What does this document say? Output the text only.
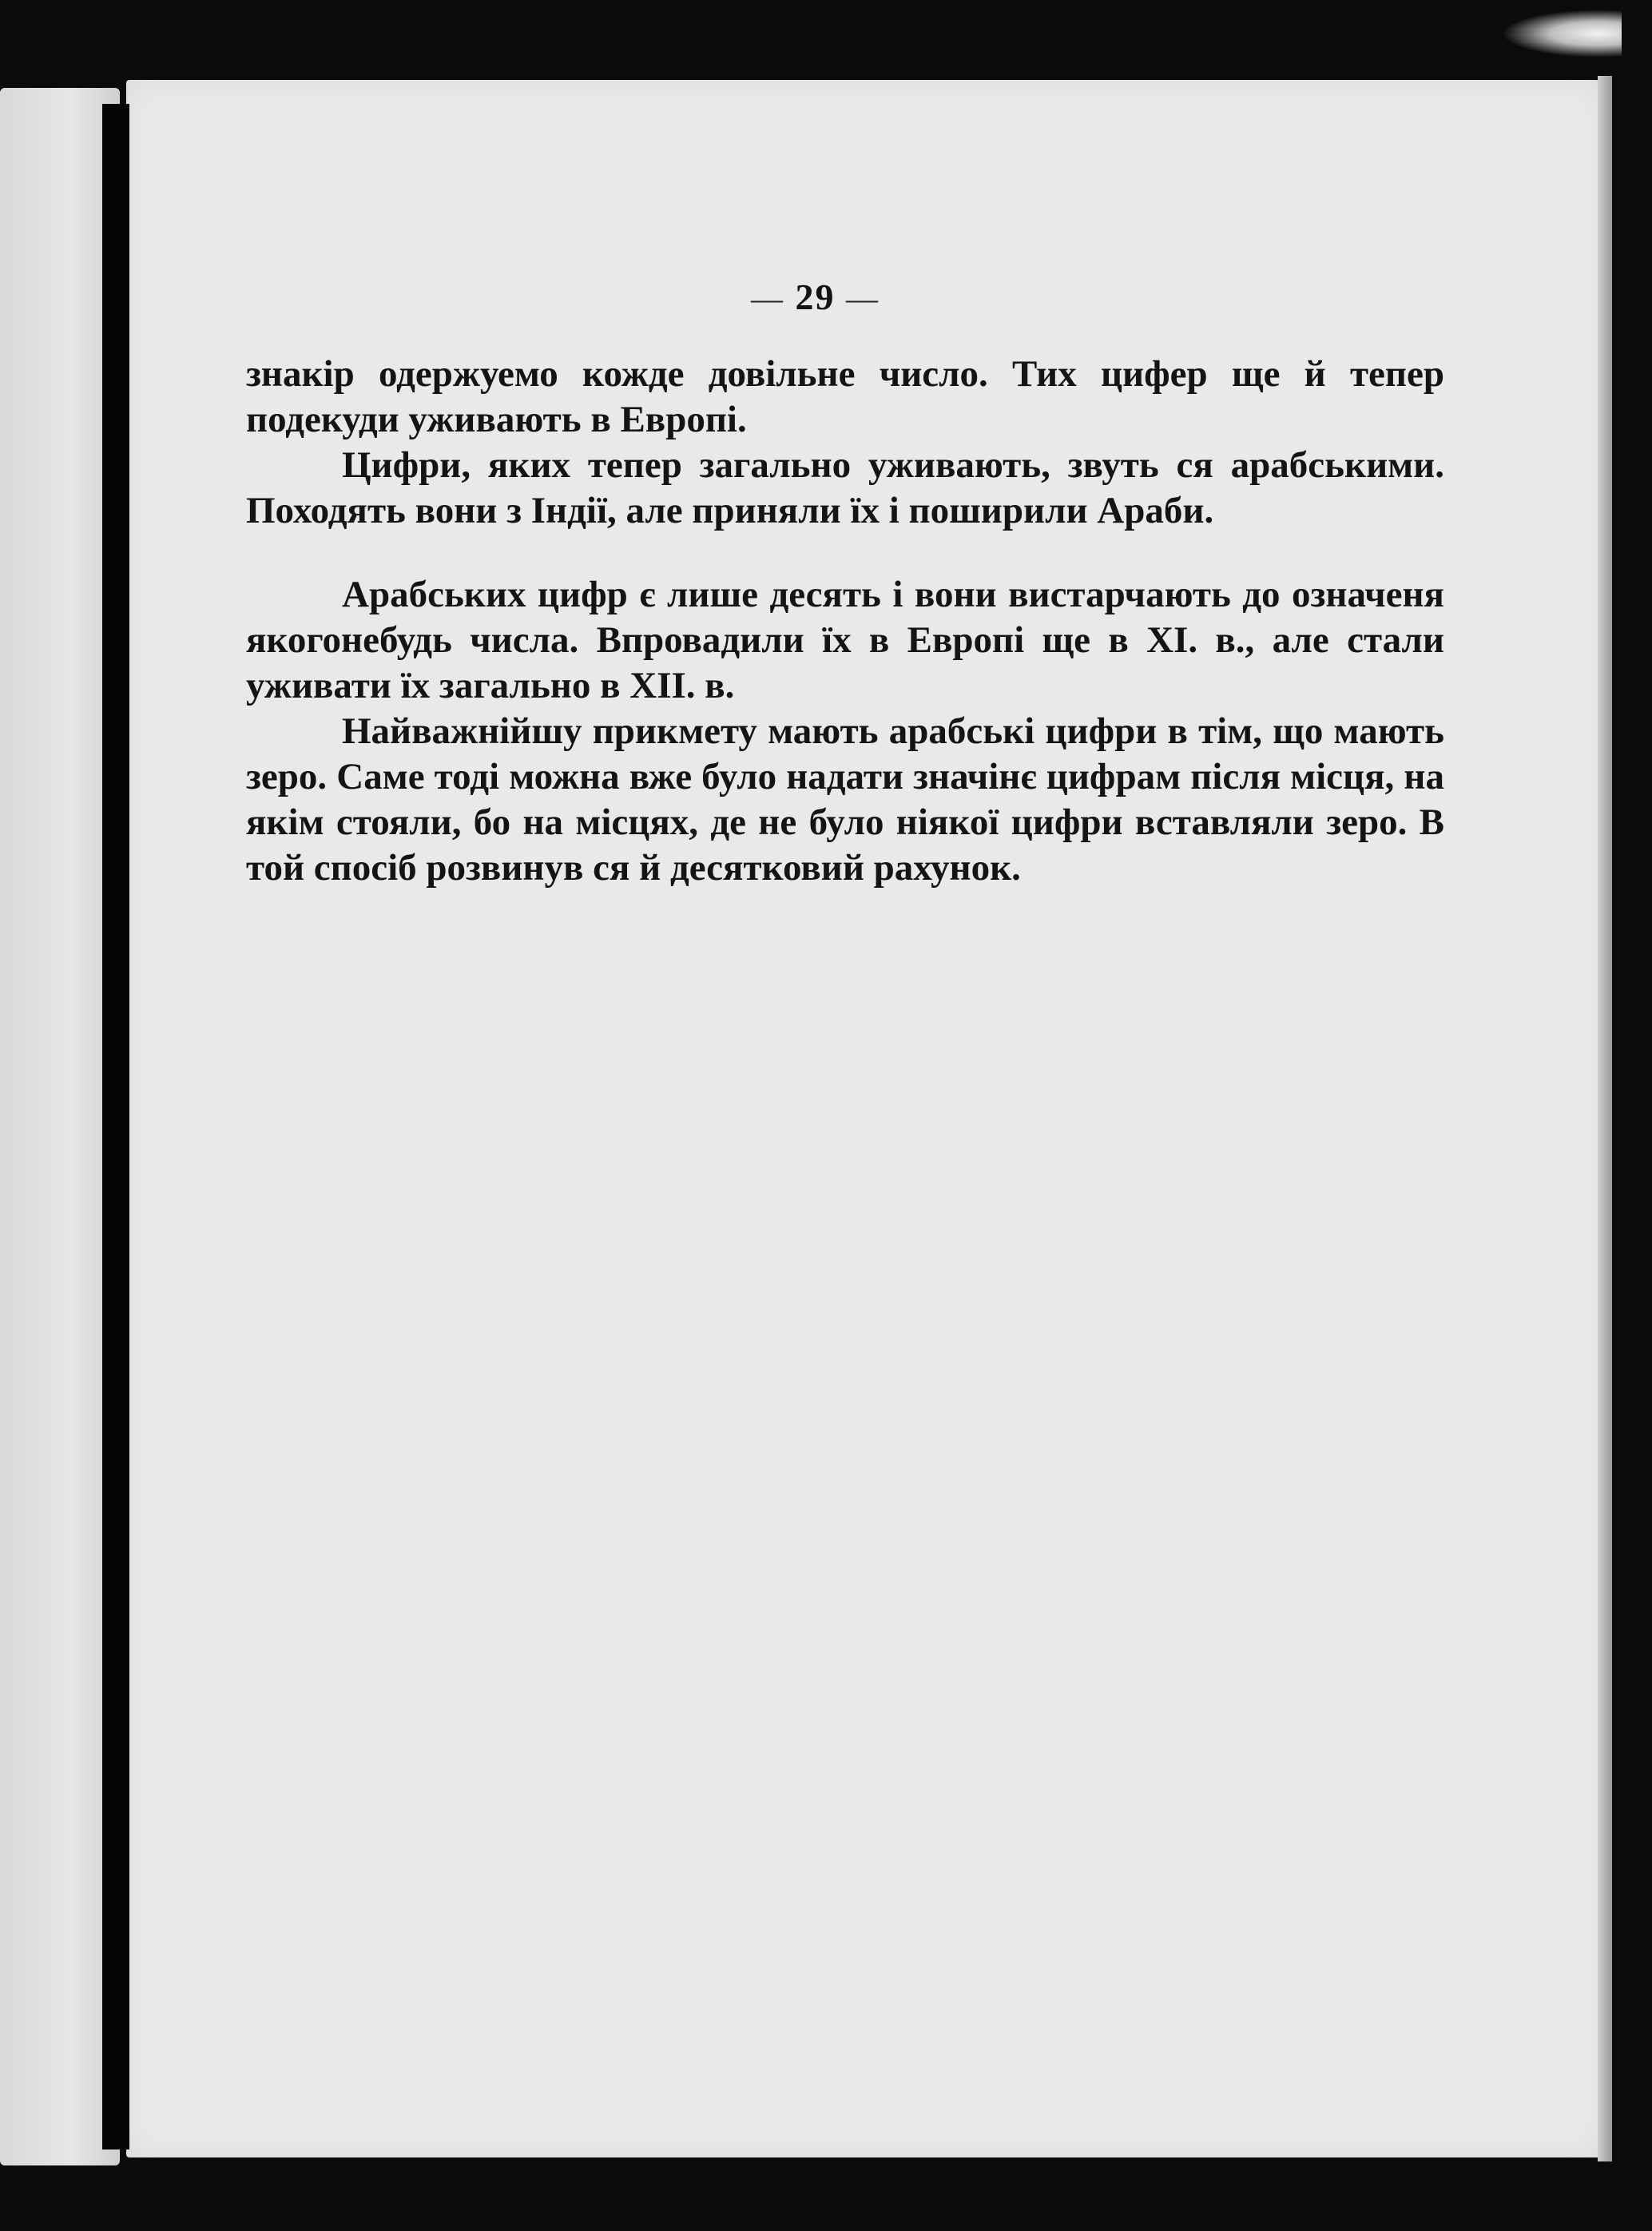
— 29 —

знакір одержуемо кожде довільне число. Тих цифер ще й тепер подекуди уживають в Европі.

Цифри, яких тепер загально уживають, звуть ся арабськими. Походять вони з Індії, але приняли їх і поширили Араби.

Арабських цифр є лише десять і вони вистарчають до означеня якогонебудь числа. Впровадили їх в Европі ще в XI. в., але стали уживати їх загально в XII. в.

Найважнійшу прикмету мають арабські цифри в тім, що мають зеро. Саме тоді можна вже було надати значінє цифрам після місця, на якім стояли, бо на місцях, де не було ніякої цифри вставляли зеро. В той спосіб розвинув ся й десятковий рахунок.
